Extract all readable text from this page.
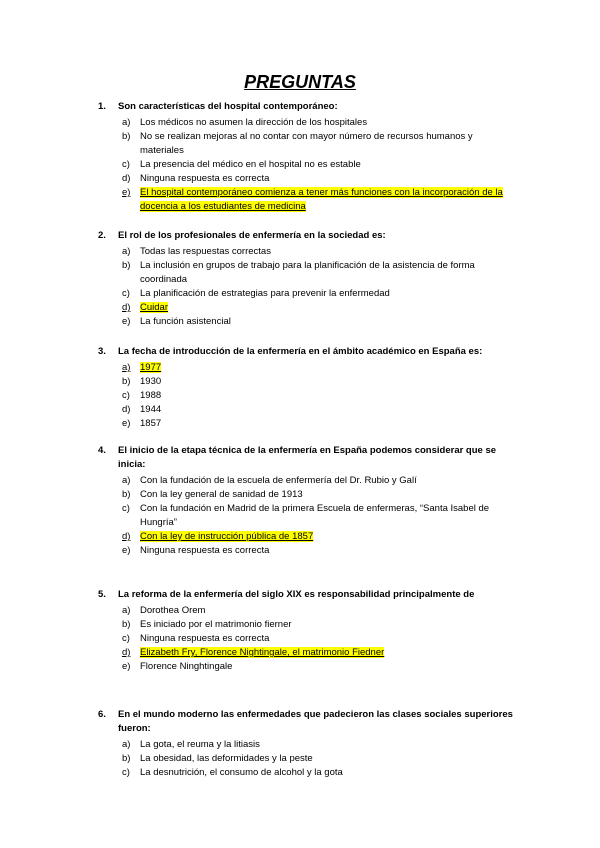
PREGUNTAS
1.	Son características del hospital contemporáneo:
a)	Los médicos no asumen la dirección de los hospitales
b)	No se realizan mejoras al no contar con mayor número de recursos humanos y materiales
c)	La presencia del médico en el hospital no es estable
d)	Ninguna respuesta es correcta
e)	El hospital contemporáneo comienza a tener más funciones con la incorporación de la docencia a los estudiantes de medicina
2.	El rol de los profesionales de enfermería en la sociedad es:
a)	Todas las respuestas correctas
b)	La inclusión en grupos de trabajo para la planificación de la asistencia de forma coordinada
c)	La planificación de estrategias para prevenir la enfermedad
d)	Cuidar
e)	La función asistencial
3.	La fecha de introducción de la enfermería en el ámbito académico en España es:
a)	1977
b)	1930
c)	1988
d)	1944
e)	1857
4.	El inicio de la etapa técnica de la enfermería en España podemos considerar que se inicia:
a)	Con la fundación de la escuela de enfermería del Dr. Rubio y Galí
b)	Con la ley general de sanidad de 1913
c)	Con la fundación en Madrid de la primera Escuela de enfermeras, “Santa Isabel de Hungría”
d)	Con la ley de instrucción pública de 1857
e)	Ninguna respuesta es correcta
5.	La reforma de la enfermería del siglo XIX es responsabilidad principalmente de
a)	Dorothea Orem
b)	Es iniciado por el matrimonio fierner
c)	Ninguna respuesta es correcta
d)	Elizabeth Fry, Florence Nightingale, el matrimonio Fiedner
e)	Florence Ninghtingale
6.	En el mundo moderno las enfermedades que padecieron las clases sociales superiores fueron:
a)	La gota, el reuma y la litiasis
b)	La obesidad, las deformidades y la peste
c)	La desnutrición, el consumo de alcohol y la gota
